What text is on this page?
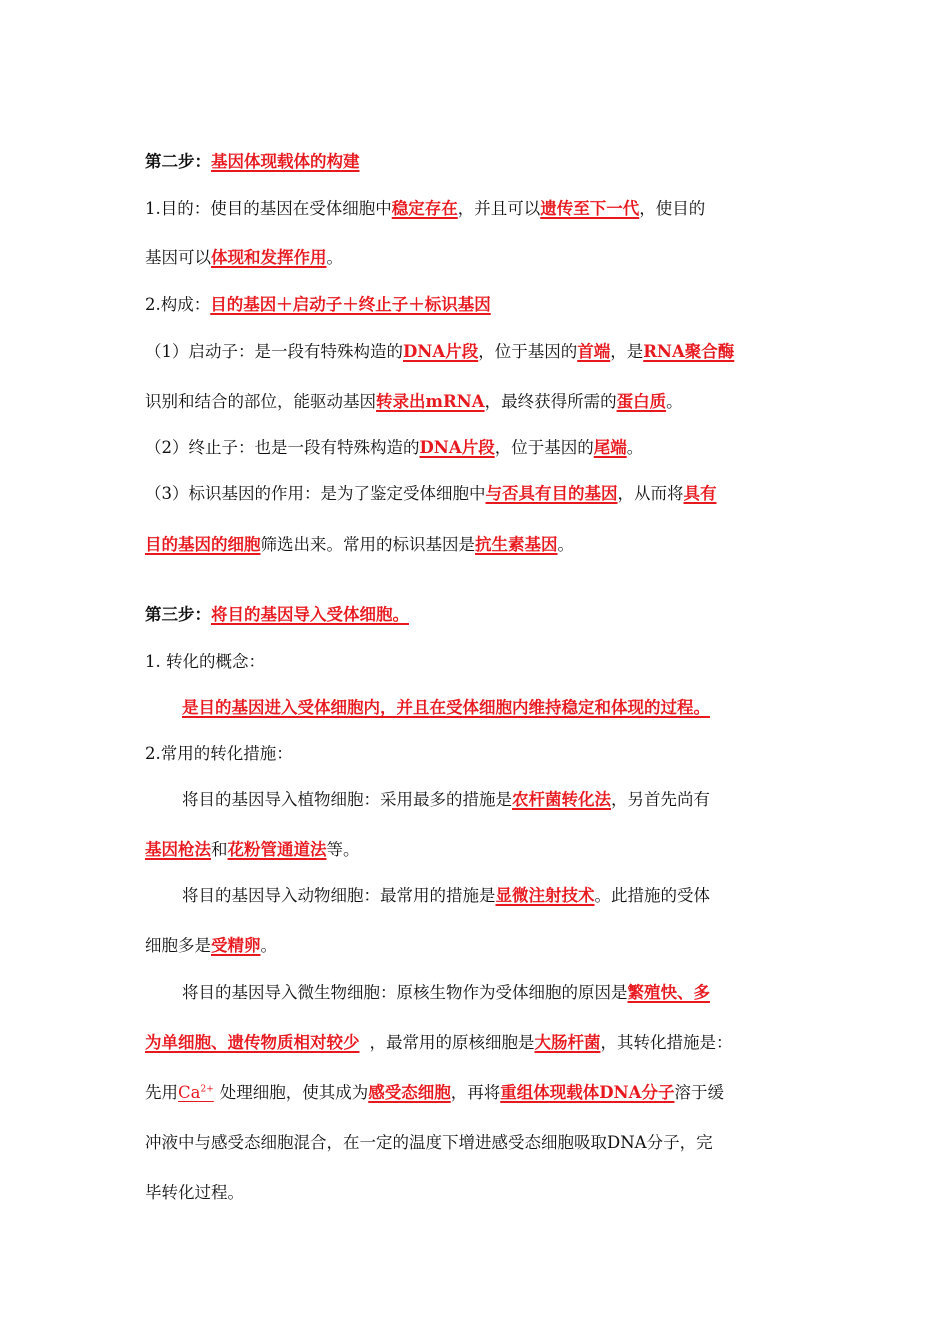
第二步：基因体现载体的构建
1.目的：使目的基因在受体细胞中稳定存在，并且可以遗传至下一代，使目的
基因可以体现和发挥作用。
2.构成：目的基因＋启动子＋终止子＋标识基因
（1）启动子：是一段有特殊构造的DNA片段，位于基因的首端，是RNA聚合酶
识别和结合的部位，能驱动基因转录出mRNA，最终获得所需的蛋白质。
（2）终止子：也是一段有特殊构造的DNA片段，位于基因的尾端。
（3）标识基因的作用：是为了鉴定受体细胞中与否具有目的基因，从而将具有
目的基因的细胞筛选出来。常用的标识基因是抗生素基因。
第三步：将目的基因导入受体细胞。
1. 转化的概念：
是目的基因进入受体细胞内，并且在受体细胞内维持稳定和体现的过程。
2.常用的转化措施：
将目的基因导入植物细胞：采用最多的措施是农杆菌转化法，另首先尚有
基因枪法和花粉管通道法等。
将目的基因导入动物细胞：最常用的措施是显微注射技术。此措施的受体
细胞多是受精卵。
将目的基因导入微生物细胞：原核生物作为受体细胞的原因是繁殖快、多
为单细胞、遗传物质相对较少 ，最常用的原核细胞是大肠杆菌，其转化措施是：
先用$Ca^{2+}$ 处理细胞，使其成为感受态细胞，再将重组体现载体DNA分子溶于缓
冲液中与感受态细胞混合，在一定的温度下增进感受态细胞吸取DNA分子，完
毕转化过程。
